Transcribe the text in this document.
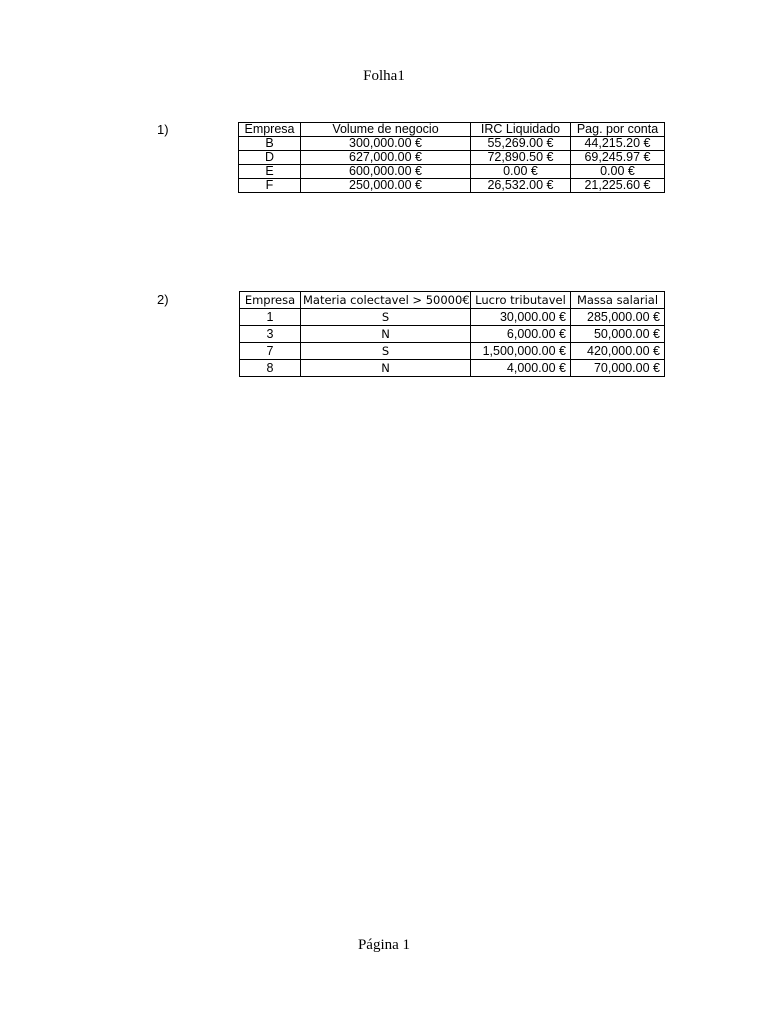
Folha1
1)	Empresa	Volume de negocio	IRC Liquidado	Pag. por conta
B	300,000.00 €	55,269.00 €	44,215.20 €
D	627,000.00 €	72,890.50 €	69,245.97 €
E	600,000.00 €	0.00 €	0.00 €
F	250,000.00 €	26,532.00 €	21,225.60 €
2)	Empresa	Materia colectavel > 50000€	Lucro tributavel	Massa salarial
1	S	30,000.00 €	285,000.00 €
3	N	6,000.00 €	50,000.00 €
7	S	1,500,000.00 €	420,000.00 €
8	N	4,000.00 €	70,000.00 €
Página 1
